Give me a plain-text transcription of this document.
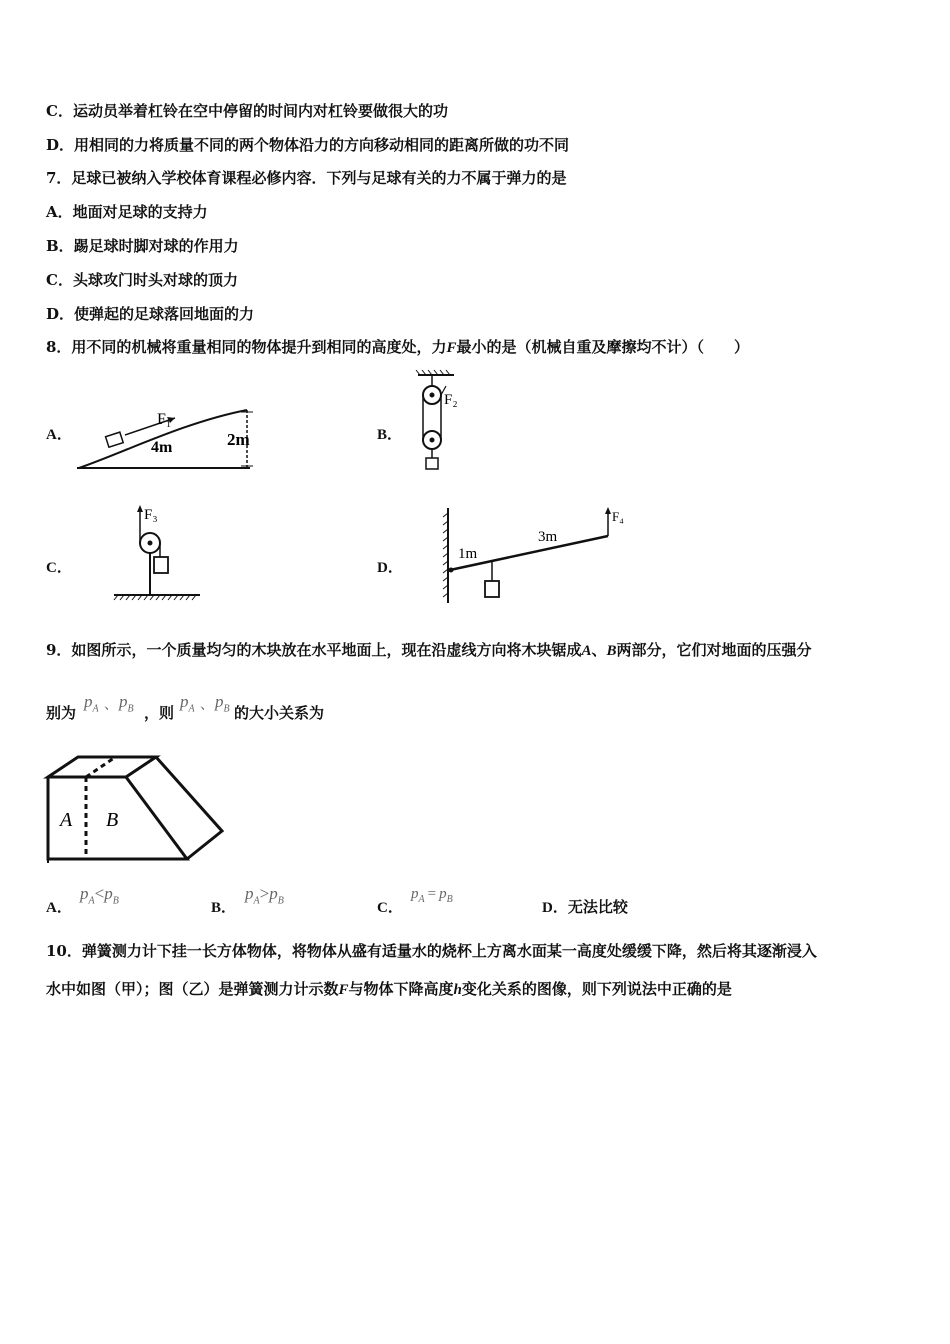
C．运动员举着杠铃在空中停留的时间内对杠铃要做很大的功
D．用相同的力将质量不同的两个物体沿力的方向移动相同的距离所做的功不同
7．足球已被纳入学校体育课程必修内容．下列与足球有关的力不属于弹力的是
A．地面对足球的支持力
B．踢足球时脚对球的作用力
C．头球攻门时头对球的顶力
D．使弹起的足球落回地面的力
8．用不同的机械将重量相同的物体提升到相同的高度处，力F最小的是（机械自重及摩擦均不计）（　　）
A．
F₁
4m	2m	B．
F₂
C．
F₃
D．
F₄
1m
3m
9．如图所示，一个质量均匀的木块放在水平地面上，现在沿虚线方向将木块锯成A、B两部分，它们对地面的压强分
别为
$p_A$ 、 $p_B$ ，则
$p_A$ 、 $p_B$ 的大小关系为
A B
A．
$p_A<p_B$	B．
$p_A>p_B$	C．
$p_A = p_B$
D．无法比较
10．弹簧测力计下挂一长方体物体，将物体从盛有适量水的烧杯上方离水面某一高度处缓缓下降，然后将其逐渐浸入
水中如图（甲）；图（乙）是弹簧测力计示数F与物体下降高度h变化关系的图像，则下列说法中正确的是
